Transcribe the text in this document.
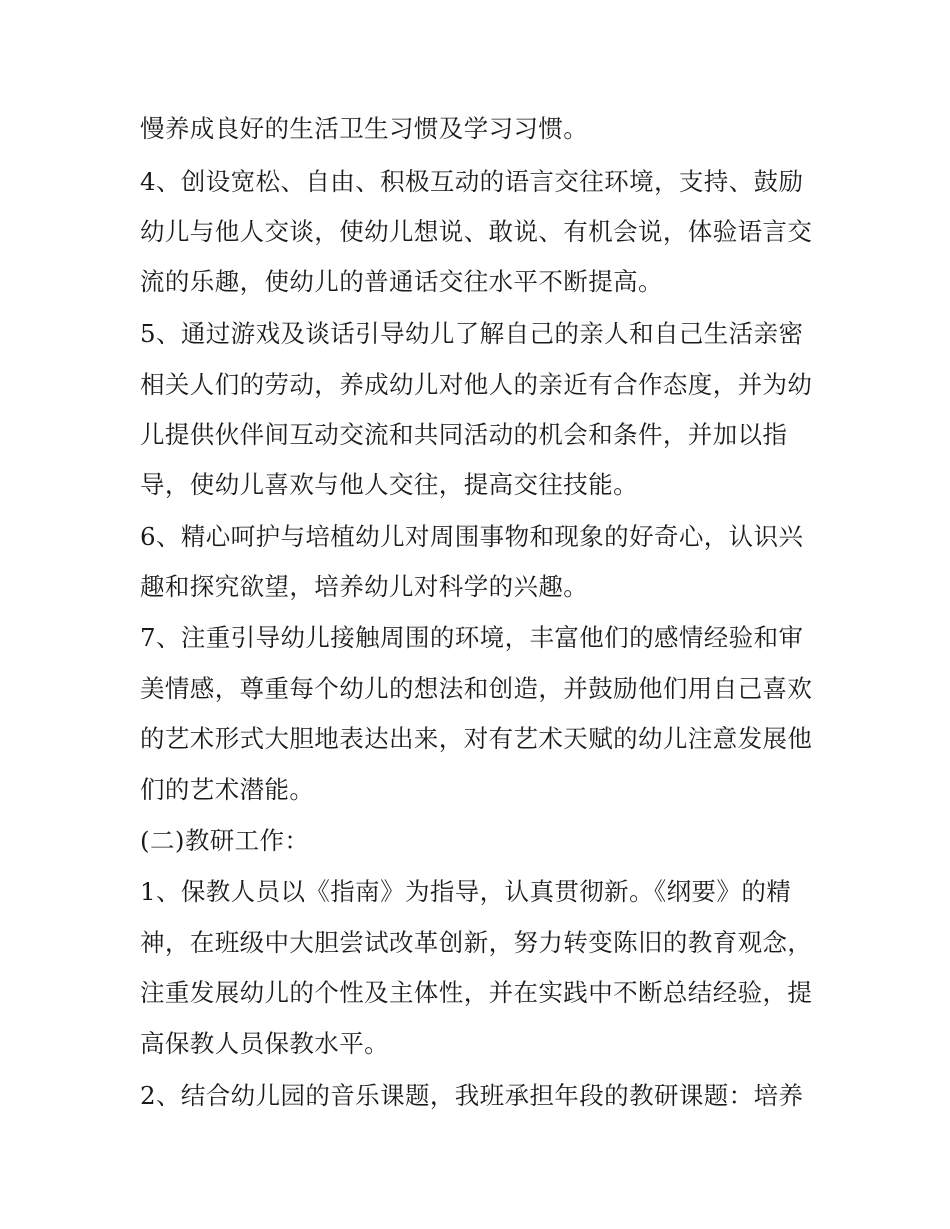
慢养成良好的生活卫生习惯及学习习惯。
4、创设宽松、自由、积极互动的语言交往环境，支持、鼓励
幼儿与他人交谈，使幼儿想说、敢说、有机会说，体验语言交
流的乐趣，使幼儿的普通话交往水平不断提高。
5、通过游戏及谈话引导幼儿了解自己的亲人和自己生活亲密
相关人们的劳动，养成幼儿对他人的亲近有合作态度，并为幼
儿提供伙伴间互动交流和共同活动的机会和条件，并加以指
导，使幼儿喜欢与他人交往，提高交往技能。
6、精心呵护与培植幼儿对周围事物和现象的好奇心，认识兴
趣和探究欲望，培养幼儿对科学的兴趣。
7、注重引导幼儿接触周围的环境，丰富他们的感情经验和审
美情感，尊重每个幼儿的想法和创造，并鼓励他们用自己喜欢
的艺术形式大胆地表达出来，对有艺术天赋的幼儿注意发展他
们的艺术潜能。
(二)教研工作：
1、保教人员以《指南》为指导，认真贯彻新。《纲要》的精
神，在班级中大胆尝试改革创新，努力转变陈旧的教育观念，
注重发展幼儿的个性及主体性，并在实践中不断总结经验，提
高保教人员保教水平。
2、结合幼儿园的音乐课题，我班承担年段的教研课题：培养
